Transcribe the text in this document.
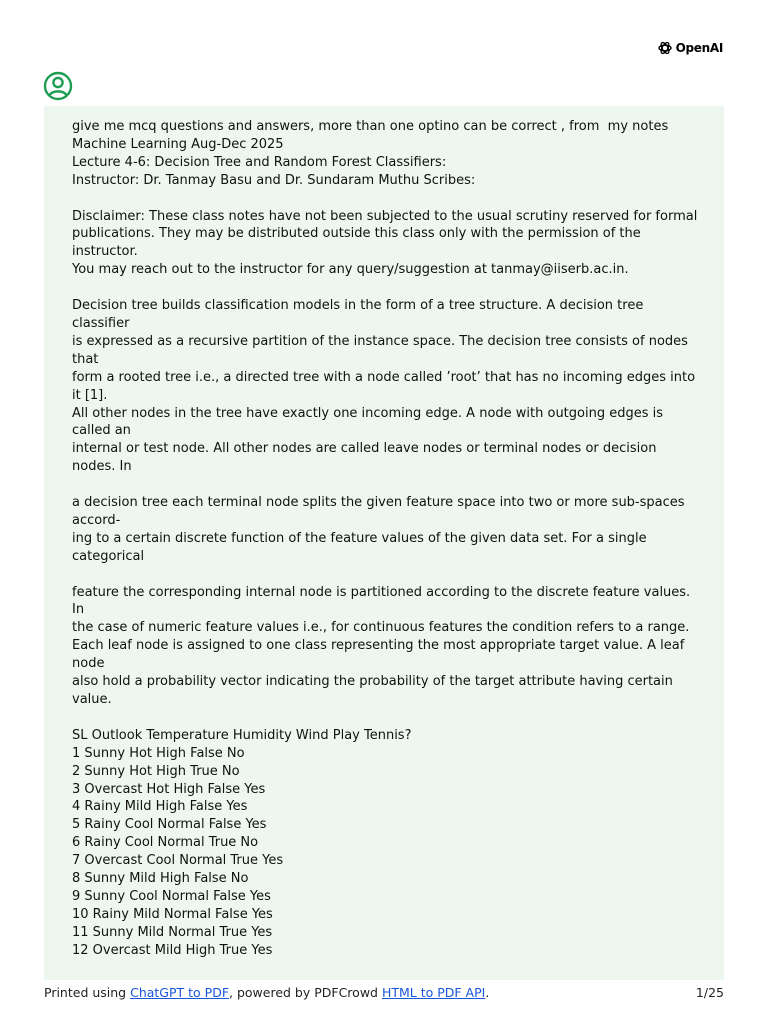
OpenAI
give me mcq questions and answers, more than one optino can be correct , from  my notes
Machine Learning Aug-Dec 2025
Lecture 4-6: Decision Tree and Random Forest Classifiers:
Instructor: Dr. Tanmay Basu and Dr. Sundaram Muthu Scribes:

Disclaimer: These class notes have not been subjected to the usual scrutiny reserved for formal
publications. They may be distributed outside this class only with the permission of the
instructor.
You may reach out to the instructor for any query/suggestion at tanmay@iiserb.ac.in.

Decision tree builds classification models in the form of a tree structure. A decision tree
classifier
is expressed as a recursive partition of the instance space. The decision tree consists of nodes
that
form a rooted tree i.e., a directed tree with a node called ’root’ that has no incoming edges into
it [1].
All other nodes in the tree have exactly one incoming edge. A node with outgoing edges is
called an
internal or test node. All other nodes are called leave nodes or terminal nodes or decision
nodes. In

a decision tree each terminal node splits the given feature space into two or more sub-spaces
accord-
ing to a certain discrete function of the feature values of the given data set. For a single
categorical

feature the corresponding internal node is partitioned according to the discrete feature values.
In
the case of numeric feature values i.e., for continuous features the condition refers to a range.
Each leaf node is assigned to one class representing the most appropriate target value. A leaf
node
also hold a probability vector indicating the probability of the target attribute having certain
value.

SL Outlook Temperature Humidity Wind Play Tennis?
1 Sunny Hot High False No
2 Sunny Hot High True No
3 Overcast Hot High False Yes
4 Rainy Mild High False Yes
5 Rainy Cool Normal False Yes
6 Rainy Cool Normal True No
7 Overcast Cool Normal True Yes
8 Sunny Mild High False No
9 Sunny Cool Normal False Yes
10 Rainy Mild Normal False Yes
11 Sunny Mild Normal True Yes
12 Overcast Mild High True Yes

Printed using ChatGPT to PDF, powered by PDFCrowd HTML to PDF API.	1/25
